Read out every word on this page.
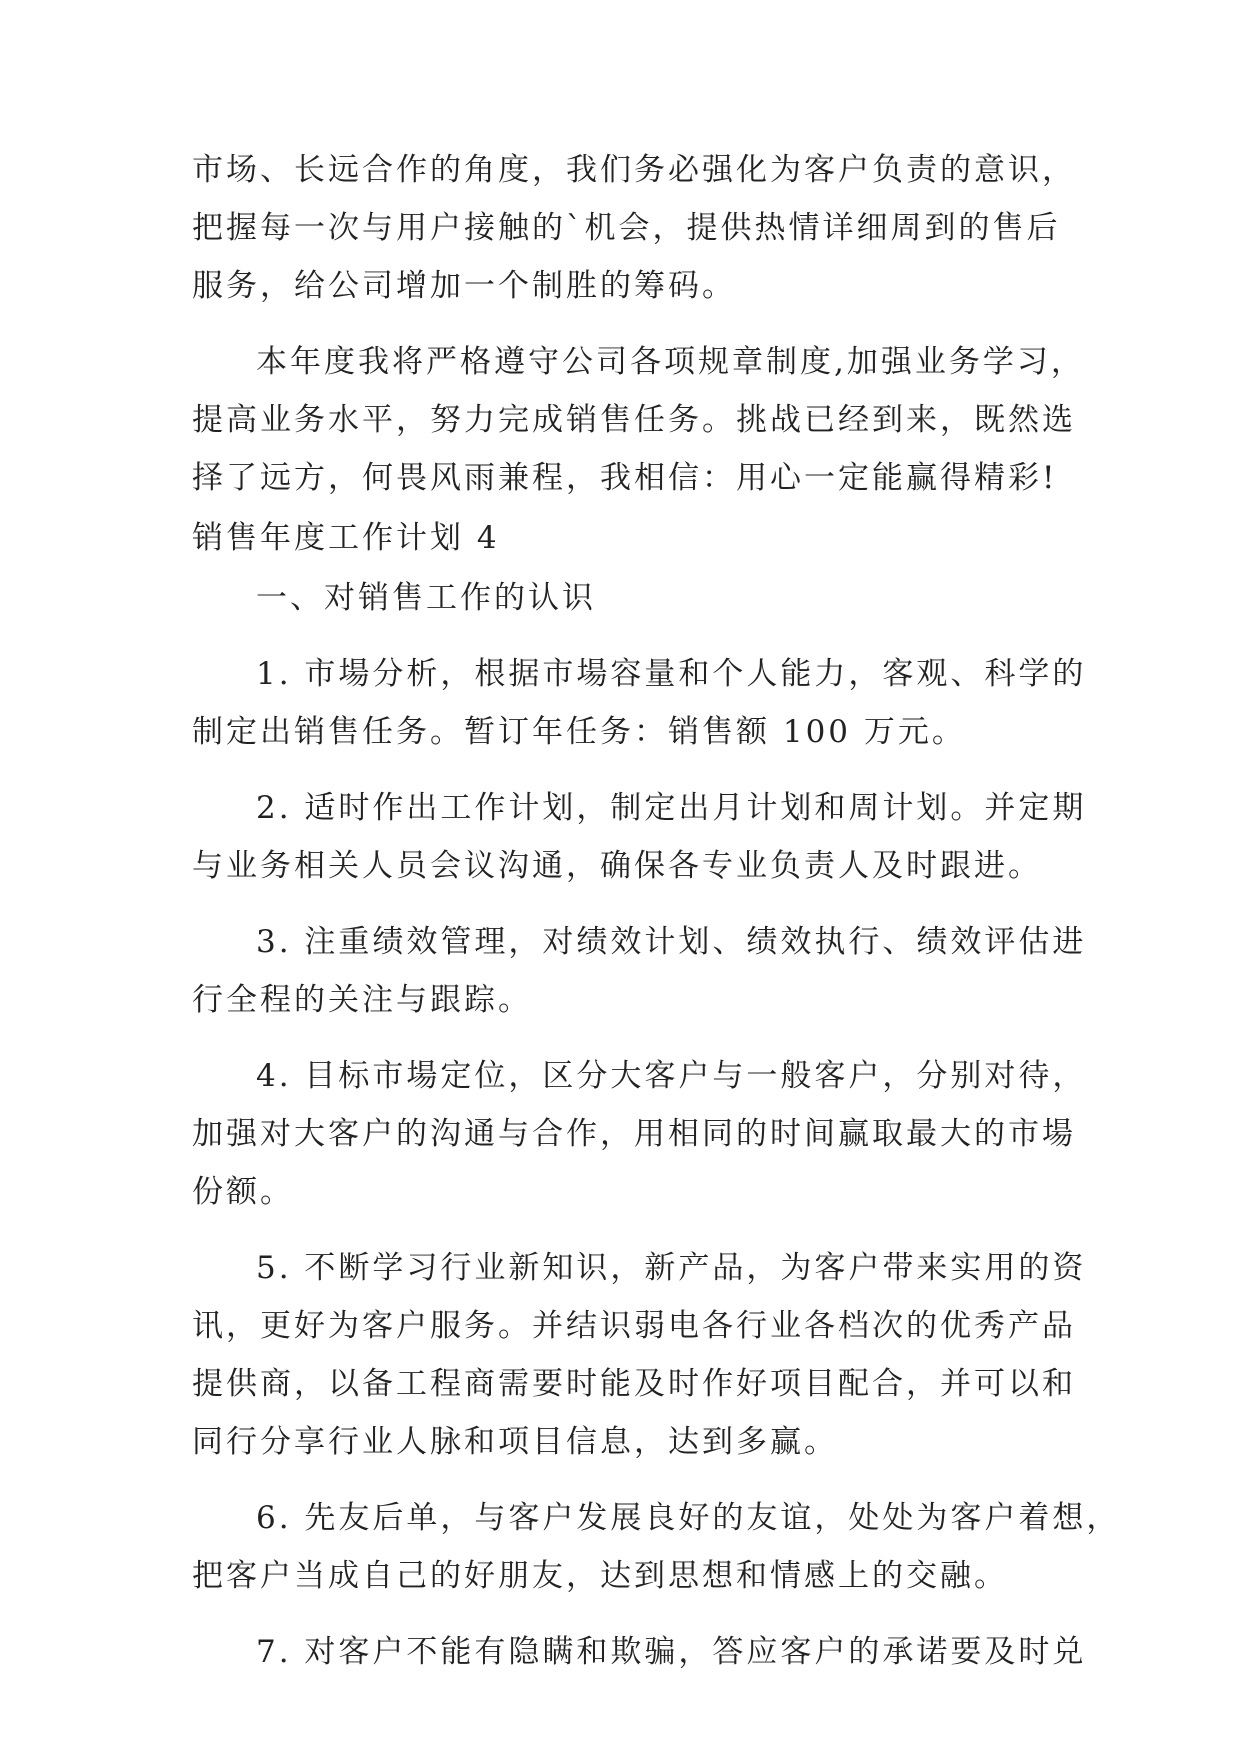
市场、长远合作的角度，我们务必强化为客户负责的意识，
把握每一次与用户接触的`机会，提供热情详细周到的售后
服务，给公司增加一个制胜的筹码。
本年度我将严格遵守公司各项规章制度,加强业务学习，
提高业务水平，努力完成销售任务。挑战已经到来，既然选
择了远方，何畏风雨兼程，我相信：用心一定能赢得精彩!
销售年度工作计划 4
一、对销售工作的认识
1. 市場分析，根据市場容量和个人能力，客观、科学的
制定出销售任务。暂订年任务：销售额 100 万元。
2. 适时作出工作计划，制定出月计划和周计划。并定期
与业务相关人员会议沟通，确保各专业负责人及时跟进。
3. 注重绩效管理，对绩效计划、绩效执行、绩效评估进
行全程的关注与跟踪。
4. 目标市場定位，区分大客户与一般客户，分别对待，
加强对大客户的沟通与合作，用相同的时间赢取最大的市場
份额。
5. 不断学习行业新知识，新产品，为客户带来实用的资
讯，更好为客户服务。并结识弱电各行业各档次的优秀产品
提供商，以备工程商需要时能及时作好项目配合，并可以和
同行分享行业人脉和项目信息，达到多赢。
6. 先友后单，与客户发展良好的友谊，处处为客户着想，
把客户当成自己的好朋友，达到思想和情感上的交融。
7. 对客户不能有隐瞒和欺骗，答应客户的承诺要及时兑
